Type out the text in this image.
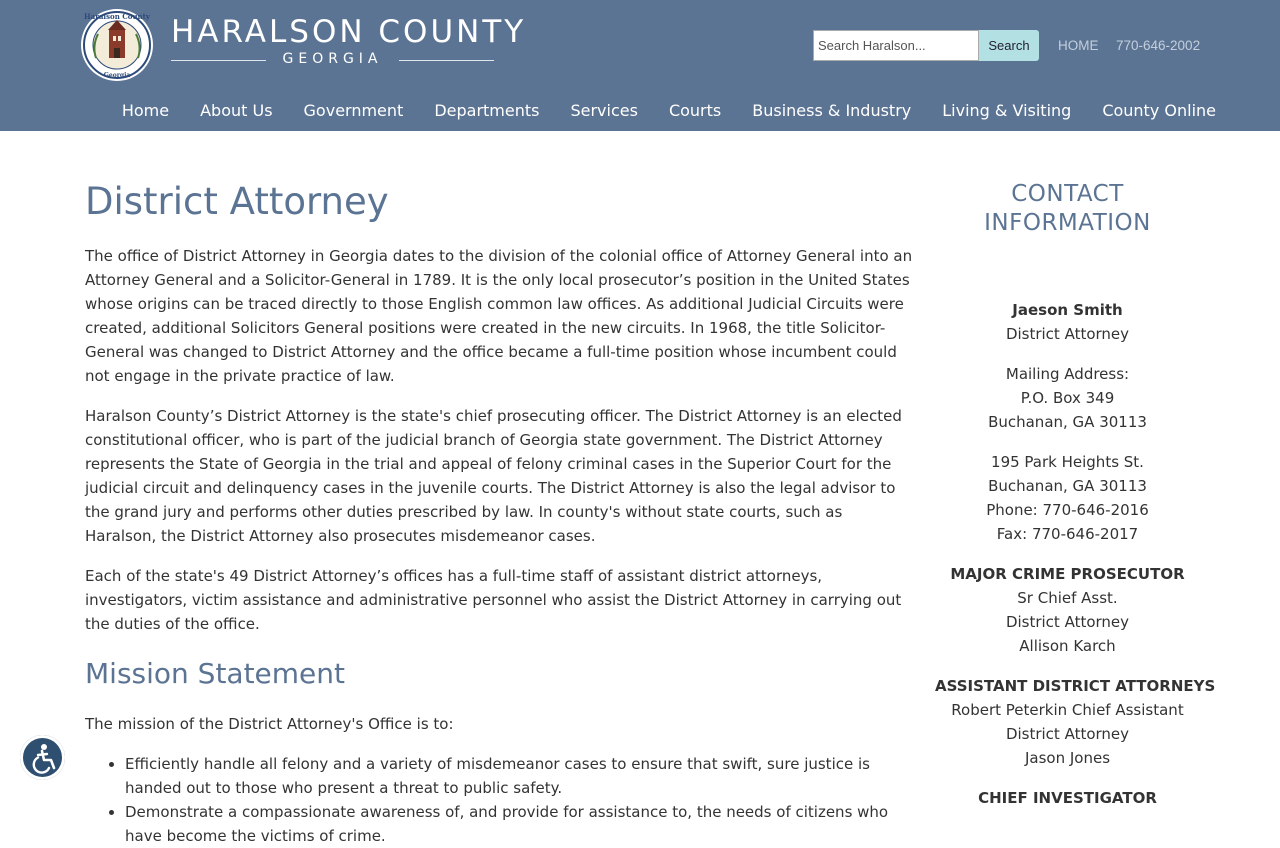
Haralson County
Georgia
HARALSON COUNTY
GEORGIA
Search Haralson...
Search	HOME 770-646-2002
Home About Us Government Departments Services Courts Business & Industry Living & Visiting County Online
District Attorney

The office of District Attorney in Georgia dates to the division of the colonial office of Attorney General into an Attorney General and a Solicitor-General in 1789. It is the only local prosecutor’s position in the United States whose origins can be traced directly to those English common law offices. As additional Judicial Circuits were created, additional Solicitors General positions were created in the new circuits. In 1968, the title Solicitor-General was changed to District Attorney and the office became a full-time position whose incumbent could not engage in the private practice of law.

Haralson County’s District Attorney is the state's chief prosecuting officer. The District Attorney is an elected constitutional officer, who is part of the judicial branch of Georgia state government. The District Attorney represents the State of Georgia in the trial and appeal of felony criminal cases in the Superior Court for the judicial circuit and delinquency cases in the juvenile courts. The District Attorney is also the legal advisor to the grand jury and performs other duties prescribed by law. In county's without state courts, such as Haralson, the District Attorney also prosecutes misdemeanor cases.

Each of the state's 49 District Attorney’s offices has a full-time staff of assistant district attorneys, investigators, victim assistance and administrative personnel who assist the District Attorney in carrying out the duties of the office.

Mission Statement

The mission of the District Attorney's Office is to:

• Efficiently handle all felony and a variety of misdemeanor cases to ensure that swift, sure justice is handed out to those who present a threat to public safety.
• Demonstrate a compassionate awareness of, and provide for assistance to, the needs of citizens who have become the victims of crime.
CONTACT INFORMATION
Jaeson Smith
District Attorney
Mailing Address:
P.O. Box 349
Buchanan, GA 30113
195 Park Heights St.
Buchanan, GA 30113
Phone: 770-646-2016
Fax: 770-646-2017
MAJOR CRIME PROSECUTOR
Sr Chief Asst.
District Attorney
Allison Karch
ASSISTANT DISTRICT ATTORNEYS
Robert Peterkin Chief Assistant
District Attorney
Jason Jones
CHIEF INVESTIGATOR
